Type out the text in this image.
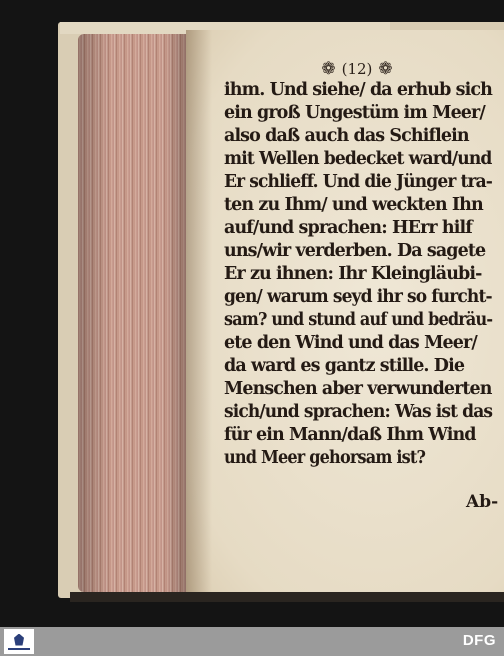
❁ (12) ❁
ihm. Und siehe/ da erhub sich
ein groß Ungestüm im Meer/
also daß auch das Schiflein
mit Wellen bedecket ward/und
Er schlieff. Und die Jünger tra-
ten zu Ihm/ und weckten Ihn
auf/und sprachen: HErr hilf
uns/wir verderben. Da sagete
Er zu ihnen: Ihr Kleingläubi-
gen/ warum seyd ihr so furcht-
sam? und stund auf und bedräu-
ete den Wind und das Meer/
da ward es gantz stille. Die
Menschen aber verwunderten
sich/und sprachen: Was ist das
für ein Mann/daß Ihm Wind
und Meer gehorsam ist?
Ab-
DFG
